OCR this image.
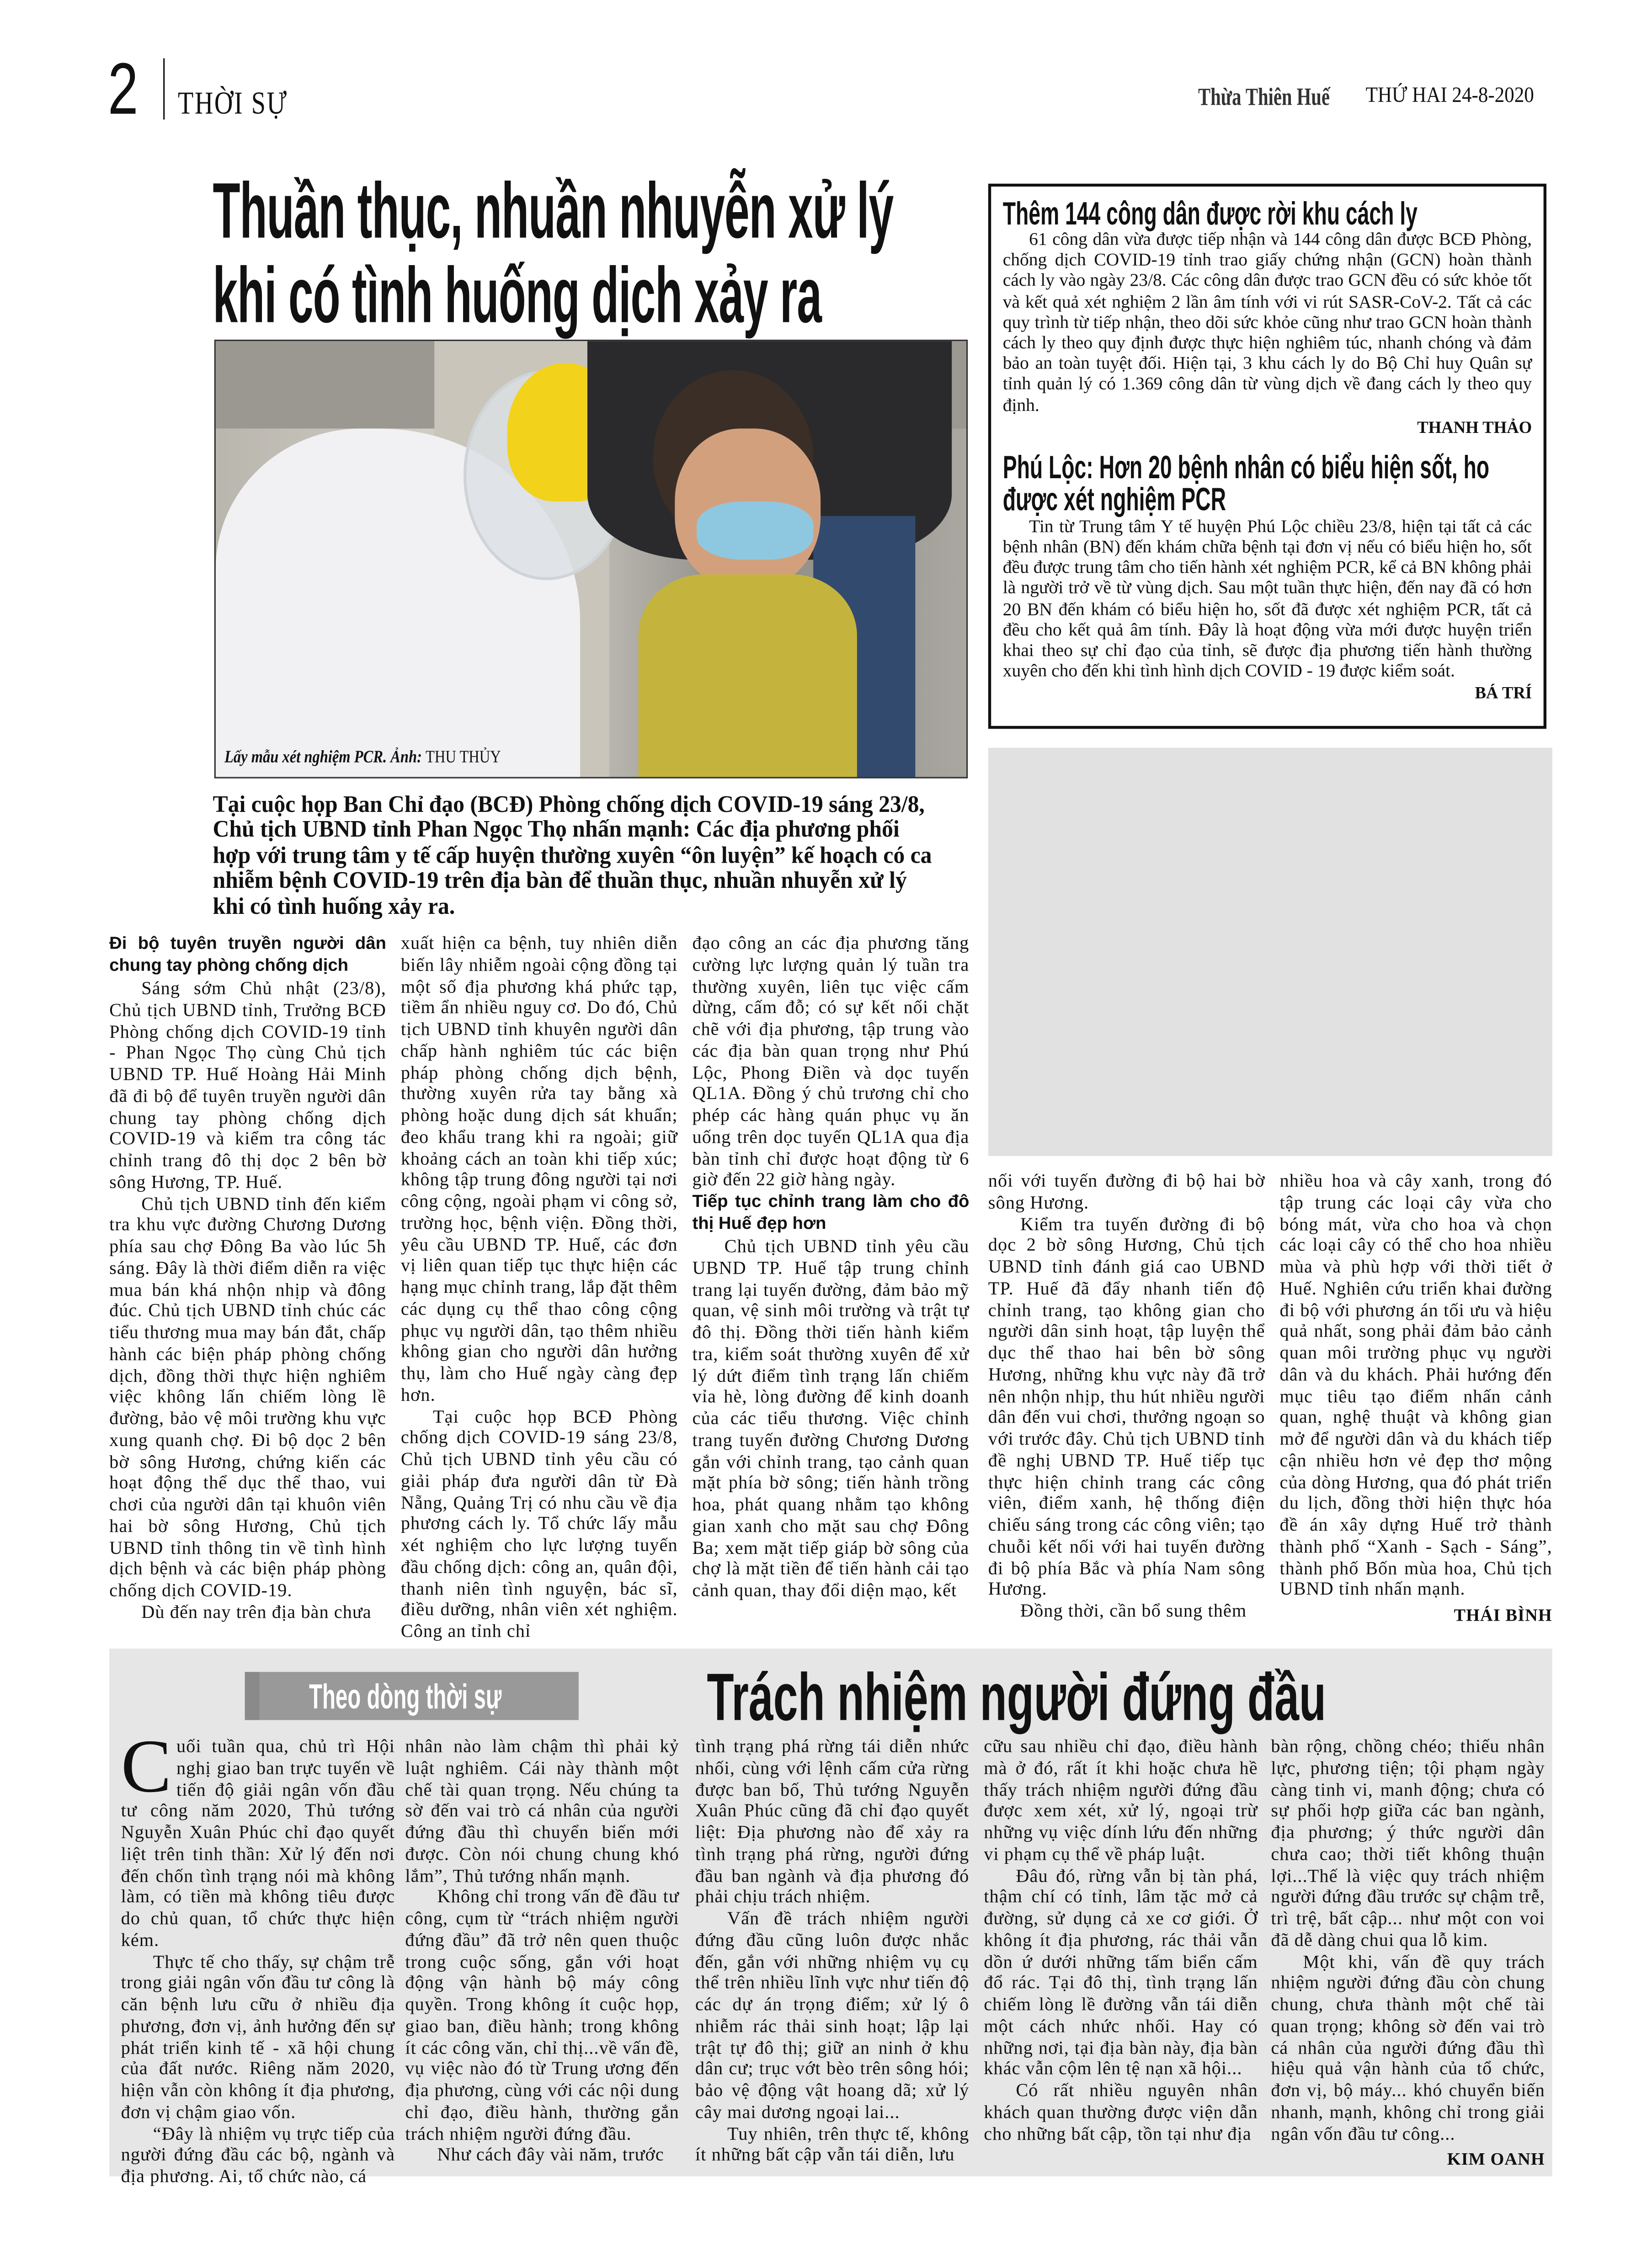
2	THỜI SỰ	Thừa Thiên Huế	THỨ HAI 24-8-2020
Thuần thục, nhuần nhuyễn xử lý
khi có tình huống dịch xảy ra
Lấy mẫu xét nghiệm PCR. Ảnh: THU THỦY
Thêm 144 công dân được rời khu cách ly
61 công dân vừa được tiếp nhận và 144 công dân được BCĐ Phòng, chống dịch COVID-19 tỉnh trao giấy chứng nhận (GCN) hoàn thành cách ly vào ngày 23/8. Các công dân được trao GCN đều có sức khỏe tốt và kết quả xét nghiệm 2 lần âm tính với vi rút SASR-CoV-2. Tất cả các quy trình từ tiếp nhận, theo dõi sức khỏe cũng như trao GCN hoàn thành cách ly theo quy định được thực hiện nghiêm túc, nhanh chóng và đảm bảo an toàn tuyệt đối. Hiện tại, 3 khu cách ly do Bộ Chỉ huy Quân sự tỉnh quản lý có 1.369 công dân từ vùng dịch về đang cách ly theo quy định.
THANH THẢO
Phú Lộc: Hơn 20 bệnh nhân có biểu hiện sốt, ho được xét nghiệm PCR
Tin từ Trung tâm Y tế huyện Phú Lộc chiều 23/8, hiện tại tất cả các bệnh nhân (BN) đến khám chữa bệnh tại đơn vị nếu có biểu hiện ho, sốt đều được trung tâm cho tiến hành xét nghiệm PCR, kể cả BN không phải là người trở về từ vùng dịch. Sau một tuần thực hiện, đến nay đã có hơn 20 BN đến khám có biểu hiện ho, sốt đã được xét nghiệm PCR, tất cả đều cho kết quả âm tính. Đây là hoạt động vừa mới được huyện triển khai theo sự chỉ đạo của tỉnh, sẽ được địa phương tiến hành thường xuyên cho đến khi tình hình dịch COVID - 19 được kiểm soát.
BÁ TRÍ
Tại cuộc họp Ban Chỉ đạo (BCĐ) Phòng chống dịch COVID-19 sáng 23/8, Chủ tịch UBND tỉnh Phan Ngọc Thọ nhấn mạnh: Các địa phương phối hợp với trung tâm y tế cấp huyện thường xuyên “ôn luyện” kế hoạch có ca nhiễm bệnh COVID-19 trên địa bàn để thuần thục, nhuần nhuyễn xử lý khi có tình huống xảy ra.
Đi bộ tuyên truyền người dân chung tay phòng chống dịch

Sáng sớm Chủ nhật (23/8), Chủ tịch UBND tỉnh, Trưởng BCĐ Phòng chống dịch COVID-19 tỉnh - Phan Ngọc Thọ cùng Chủ tịch UBND TP. Huế Hoàng Hải Minh đã đi bộ để tuyên truyền người dân chung tay phòng chống dịch COVID-19 và kiểm tra công tác chỉnh trang đô thị dọc 2 bên bờ sông Hương, TP. Huế.

Chủ tịch UBND tỉnh đến kiểm tra khu vực đường Chương Dương phía sau chợ Đông Ba vào lúc 5h sáng. Đây là thời điểm diễn ra việc mua bán khá nhộn nhịp và đông đúc. Chủ tịch UBND tỉnh chúc các tiểu thương mua may bán đắt, chấp hành các biện pháp phòng chống dịch, đồng thời thực hiện nghiêm việc không lấn chiếm lòng lề đường, bảo vệ môi trường khu vực xung quanh chợ. Đi bộ dọc 2 bên bờ sông Hương, chứng kiến các hoạt động thể dục thể thao, vui chơi của người dân tại khuôn viên hai bờ sông Hương, Chủ tịch UBND tỉnh thông tin về tình hình dịch bệnh và các biện pháp phòng chống dịch COVID-19.

Dù đến nay trên địa bàn chưa

xuất hiện ca bệnh, tuy nhiên diễn biến lây nhiễm ngoài cộng đồng tại một số địa phương khá phức tạp, tiềm ẩn nhiều nguy cơ. Do đó, Chủ tịch UBND tỉnh khuyên người dân chấp hành nghiêm túc các biện pháp phòng chống dịch bệnh, thường xuyên rửa tay bằng xà phòng hoặc dung dịch sát khuẩn; đeo khẩu trang khi ra ngoài; giữ khoảng cách an toàn khi tiếp xúc; không tập trung đông người tại nơi công cộng, ngoài phạm vi công sở, trường học, bệnh viện. Đồng thời, yêu cầu UBND TP. Huế, các đơn vị liên quan tiếp tục thực hiện các hạng mục chỉnh trang, lắp đặt thêm các dụng cụ thể thao công cộng phục vụ người dân, tạo thêm nhiều không gian cho người dân hưởng thụ, làm cho Huế ngày càng đẹp hơn.

Tại cuộc họp BCĐ Phòng chống dịch COVID-19 sáng 23/8, Chủ tịch UBND tỉnh yêu cầu có giải pháp đưa người dân từ Đà Nẵng, Quảng Trị có nhu cầu về địa phương cách ly. Tổ chức lấy mẫu xét nghiệm cho lực lượng tuyến đầu chống dịch: công an, quân đội, thanh niên tình nguyện, bác sĩ, điều dưỡng, nhân viên xét nghiệm. Công an tỉnh chỉ

đạo công an các địa phương tăng cường lực lượng quản lý tuần tra thường xuyên, liên tục việc cấm dừng, cấm đỗ; có sự kết nối chặt chẽ với địa phương, tập trung vào các địa bàn quan trọng như Phú Lộc, Phong Điền và dọc tuyến QL1A. Đồng ý chủ trương chỉ cho phép các hàng quán phục vụ ăn uống trên dọc tuyến QL1A qua địa bàn tỉnh chỉ được hoạt động từ 6 giờ đến 22 giờ hàng ngày.

Tiếp tục chỉnh trang làm cho đô thị Huế đẹp hơn

Chủ tịch UBND tỉnh yêu cầu UBND TP. Huế tập trung chỉnh trang lại tuyến đường, đảm bảo mỹ quan, vệ sinh môi trường và trật tự đô thị. Đồng thời tiến hành kiểm tra, kiểm soát thường xuyên để xử lý dứt điểm tình trạng lấn chiếm vỉa hè, lòng đường để kinh doanh của các tiểu thương. Việc chỉnh trang tuyến đường Chương Dương gắn với chỉnh trang, tạo cảnh quan mặt phía bờ sông; tiến hành trồng hoa, phát quang nhằm tạo không gian xanh cho mặt sau chợ Đông Ba; xem mặt tiếp giáp bờ sông của chợ là mặt tiền để tiến hành cải tạo cảnh quan, thay đổi diện mạo, kết

nối với tuyến đường đi bộ hai bờ sông Hương.

Kiểm tra tuyến đường đi bộ dọc 2 bờ sông Hương, Chủ tịch UBND tỉnh đánh giá cao UBND TP. Huế đã đẩy nhanh tiến độ chỉnh trang, tạo không gian cho người dân sinh hoạt, tập luyện thể dục thể thao hai bên bờ sông Hương, những khu vực này đã trở nên nhộn nhịp, thu hút nhiều người dân đến vui chơi, thưởng ngoạn so với trước đây. Chủ tịch UBND tỉnh đề nghị UBND TP. Huế tiếp tục thực hiện chỉnh trang các công viên, điểm xanh, hệ thống điện chiếu sáng trong các công viên; tạo chuỗi kết nối với hai tuyến đường đi bộ phía Bắc và phía Nam sông Hương.

Đồng thời, cần bổ sung thêm

nhiều hoa và cây xanh, trong đó tập trung các loại cây vừa cho bóng mát, vừa cho hoa và chọn các loại cây có thể cho hoa nhiều mùa và phù hợp với thời tiết ở Huế. Nghiên cứu triển khai đường đi bộ với phương án tối ưu và hiệu quả nhất, song phải đảm bảo cảnh quan môi trường phục vụ người dân và du khách. Phải hướng đến mục tiêu tạo điểm nhấn cảnh quan, nghệ thuật và không gian mở để người dân và du khách tiếp cận nhiều hơn vẻ đẹp thơ mộng của dòng Hương, qua đó phát triển du lịch, đồng thời hiện thực hóa đề án xây dựng Huế trở thành thành phố “Xanh - Sạch - Sáng”, thành phố Bốn mùa hoa, Chủ tịch UBND tỉnh nhấn mạnh.

THÁI BÌNH
Theo dòng thời sự	Trách nhiệm người đứng đầu

Cuối tuần qua, chủ trì Hội nghị giao ban trực tuyến về tiến độ giải ngân vốn đầu tư công năm 2020, Thủ tướng Nguyễn Xuân Phúc chỉ đạo quyết liệt trên tinh thần: Xử lý đến nơi đến chốn tình trạng nói mà không làm, có tiền mà không tiêu được do chủ quan, tổ chức thực hiện kém.

Thực tế cho thấy, sự chậm trễ trong giải ngân vốn đầu tư công là căn bệnh lưu cữu ở nhiều địa phương, đơn vị, ảnh hưởng đến sự phát triển kinh tế - xã hội chung của đất nước. Riêng năm 2020, hiện vẫn còn không ít địa phương, đơn vị chậm giao vốn.

“Đây là nhiệm vụ trực tiếp của người đứng đầu các bộ, ngành và địa phương. Ai, tổ chức nào, cá

nhân nào làm chậm thì phải kỷ luật nghiêm. Cái này thành một chế tài quan trọng. Nếu chúng ta sờ đến vai trò cá nhân của người đứng đầu thì chuyển biến mới được. Còn nói chung chung khó lắm”, Thủ tướng nhấn mạnh.

Không chỉ trong vấn đề đầu tư công, cụm từ “trách nhiệm người đứng đầu” đã trở nên quen thuộc trong cuộc sống, gắn với hoạt động vận hành bộ máy công quyền. Trong không ít cuộc họp, giao ban, điều hành; trong không ít các công văn, chỉ thị...về vấn đề, vụ việc nào đó từ Trung ương đến địa phương, cùng với các nội dung chỉ đạo, điều hành, thường gắn trách nhiệm người đứng đầu.

Như cách đây vài năm, trước

tình trạng phá rừng tái diễn nhức nhối, cùng với lệnh cấm cửa rừng được ban bố, Thủ tướng Nguyễn Xuân Phúc cũng đã chỉ đạo quyết liệt: Địa phương nào để xảy ra tình trạng phá rừng, người đứng đầu ban ngành và địa phương đó phải chịu trách nhiệm.

Vấn đề trách nhiệm người đứng đầu cũng luôn được nhắc đến, gắn với những nhiệm vụ cụ thể trên nhiều lĩnh vực như tiến độ các dự án trọng điểm; xử lý ô nhiễm rác thải sinh hoạt; lập lại trật tự đô thị; giữ an ninh ở khu dân cư; trục vớt bèo trên sông hói; bảo vệ động vật hoang dã; xử lý cây mai dương ngoại lai...

Tuy nhiên, trên thực tế, không ít những bất cập vẫn tái diễn, lưu

cữu sau nhiều chỉ đạo, điều hành mà ở đó, rất ít khi hoặc chưa hề thấy trách nhiệm người đứng đầu được xem xét, xử lý, ngoại trừ những vụ việc dính lứu đến những vi phạm cụ thể về pháp luật.

Đâu đó, rừng vẫn bị tàn phá, thậm chí có tỉnh, lâm tặc mở cả đường, sử dụng cả xe cơ giới. Ở không ít địa phương, rác thải vẫn dồn ứ dưới những tấm biển cấm đổ rác. Tại đô thị, tình trạng lấn chiếm lòng lề đường vẫn tái diễn một cách nhức nhối. Hay có những nơi, tại địa bàn này, địa bàn khác vẫn cộm lên tệ nạn xã hội...

Có rất nhiều nguyên nhân khách quan thường được viện dẫn cho những bất cập, tồn tại như địa

bàn rộng, chồng chéo; thiếu nhân lực, phương tiện; tội phạm ngày càng tinh vi, manh động; chưa có sự phối hợp giữa các ban ngành, địa phương; ý thức người dân chưa cao; thời tiết không thuận lợi...Thế là việc quy trách nhiệm người đứng đầu trước sự chậm trễ, trì trệ, bất cập... như một con voi đã dễ dàng chui qua lỗ kim.

Một khi, vấn đề quy trách nhiệm người đứng đầu còn chung chung, chưa thành một chế tài quan trọng; không sờ đến vai trò cá nhân của người đứng đầu thì hiệu quả vận hành của tổ chức, đơn vị, bộ máy... khó chuyển biến nhanh, mạnh, không chỉ trong giải ngân vốn đầu tư công...

KIM OANH
